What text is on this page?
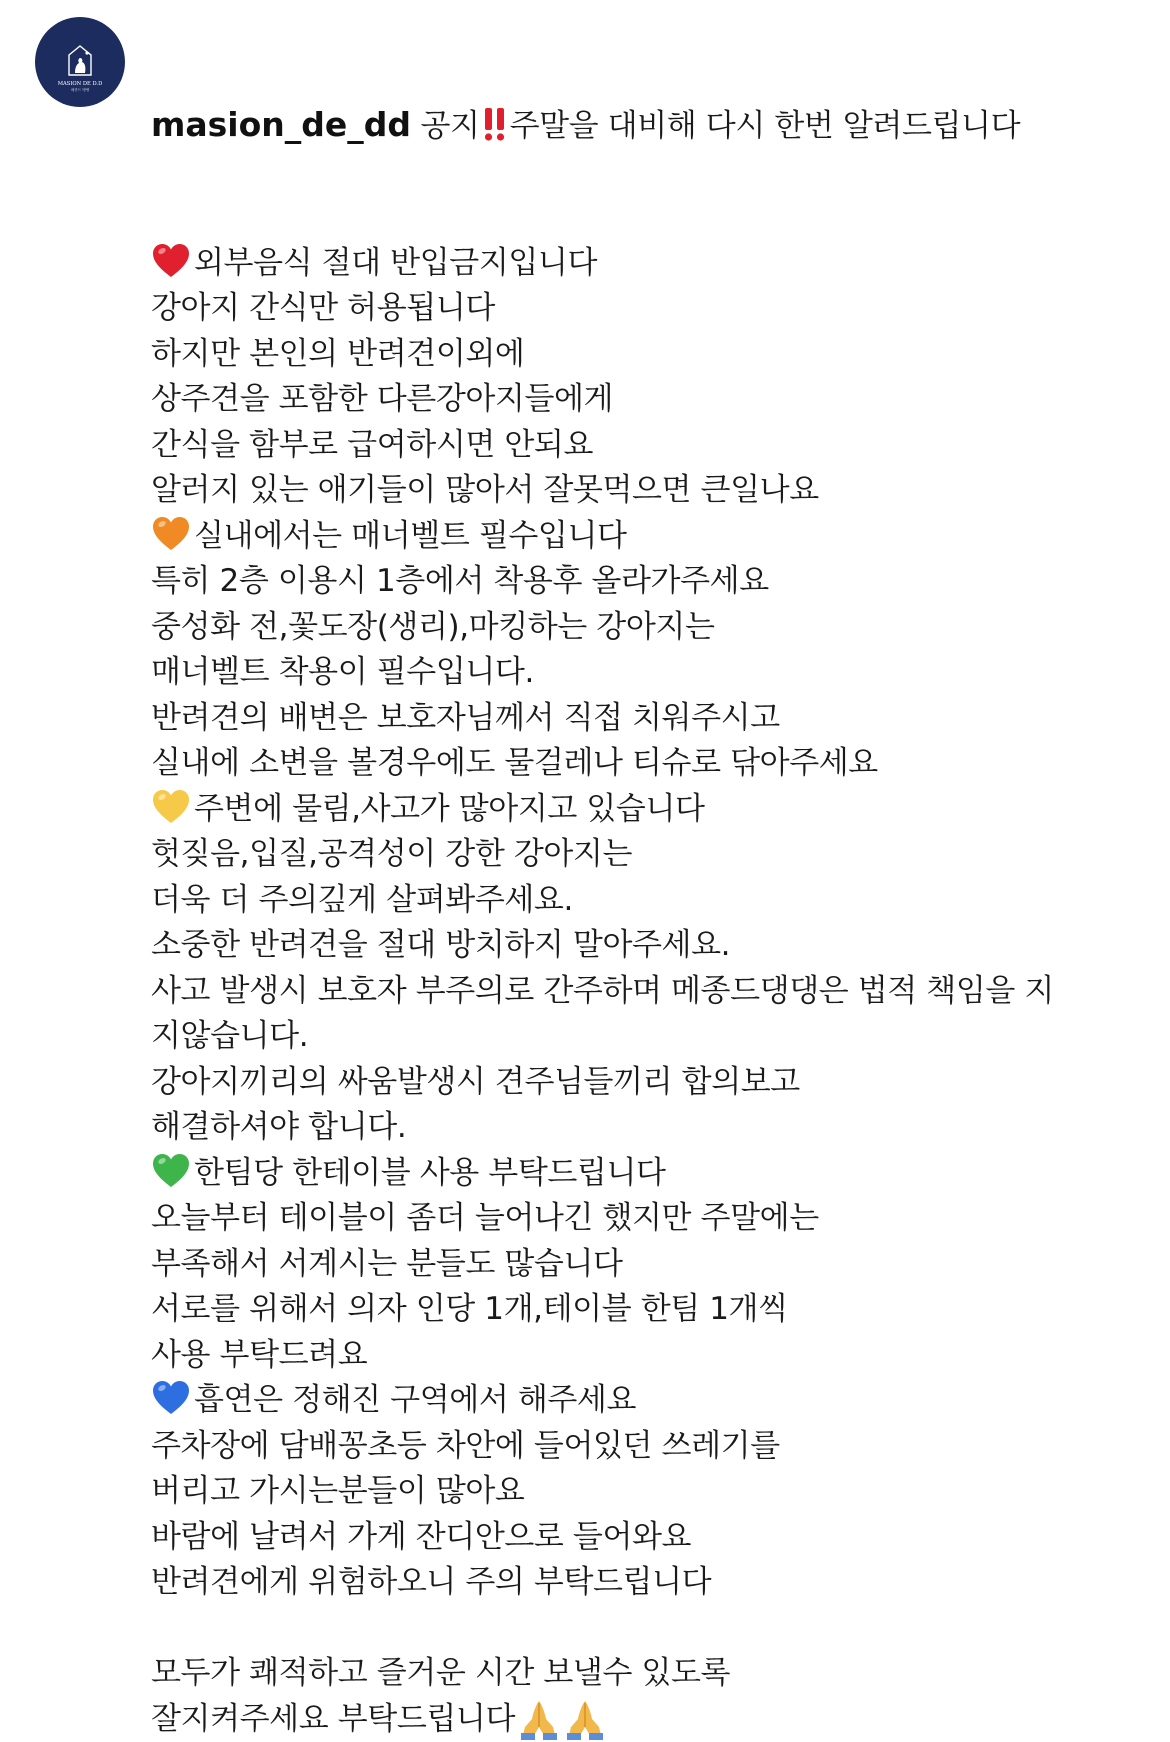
MASION DE D.D
메종드 댕댕

masion_de_dd 공지 주말을 대비해 다시 한번 알려드립니다

외부음식 절대 반입금지입니다
강아지 간식만 허용됩니다
하지만 본인의 반려견이외에
상주견을 포함한 다른강아지들에게
간식을 함부로 급여하시면 안되요
알러지 있는 애기들이 많아서 잘못먹으면 큰일나요
실내에서는 매너벨트 필수입니다
특히 2층 이용시 1층에서 착용후 올라가주세요
중성화 전,꽃도장(생리),마킹하는 강아지는
매너벨트 착용이 필수입니다.
반려견의 배변은 보호자님께서 직접 치워주시고
실내에 소변을 볼경우에도 물걸레나 티슈로 닦아주세요
주변에 물림,사고가 많아지고 있습니다
헛짖음,입질,공격성이 강한 강아지는
더욱 더 주의깊게 살펴봐주세요.
소중한 반려견을 절대 방치하지 말아주세요.
사고 발생시 보호자 부주의로 간주하며 메종드댕댕은 법적 책임을 지
지않습니다.
강아지끼리의 싸움발생시 견주님들끼리 합의보고
해결하셔야 합니다.
한팀당 한테이블 사용 부탁드립니다
오늘부터 테이블이 좀더 늘어나긴 했지만 주말에는
부족해서 서계시는 분들도 많습니다
서로를 위해서 의자 인당 1개,테이블 한팀 1개씩
사용 부탁드려요
흡연은 정해진 구역에서 해주세요
주차장에 담배꽁초등 차안에 들어있던 쓰레기를
버리고 가시는분들이 많아요
바람에 날려서 가게 잔디안으로 들어와요
반려견에게 위험하오니 주의 부탁드립니다
모두가 쾌적하고 즐거운 시간 보낼수 있도록
잘지켜주세요 부탁드립니다
